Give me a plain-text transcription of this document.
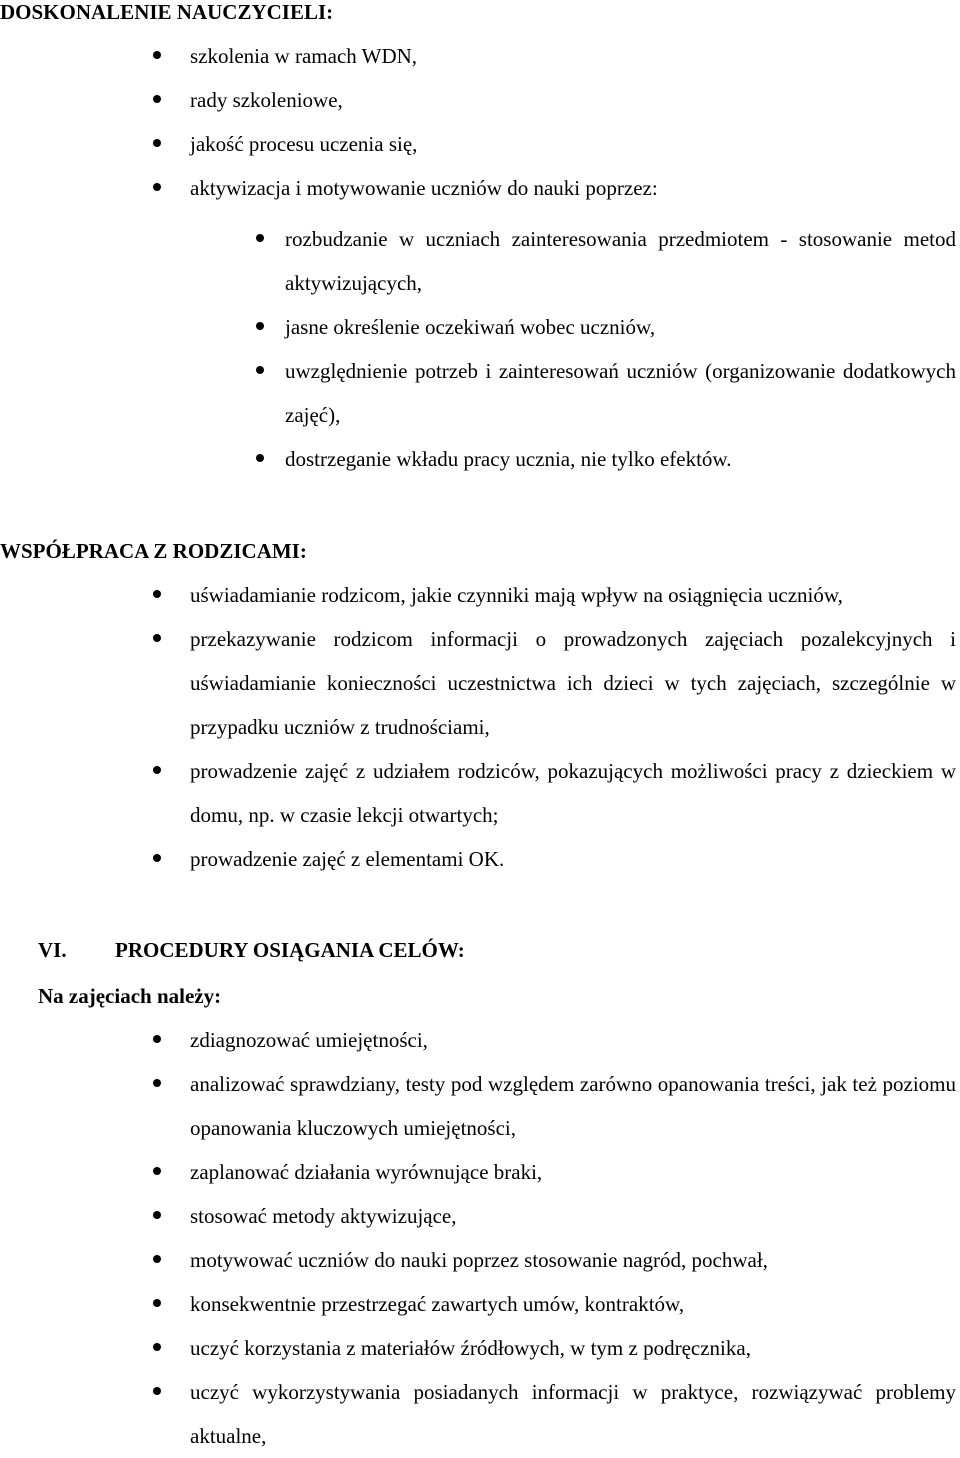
DOSKONALENIE NAUCZYCIELI:
szkolenia w ramach WDN,
rady szkoleniowe,
jakość procesu uczenia się,
aktywizacja i motywowanie uczniów do nauki poprzez:
rozbudzanie w uczniach zainteresowania przedmiotem - stosowanie metod aktywizujących,
jasne określenie oczekiwań wobec uczniów,
uwzględnienie potrzeb i zainteresowań uczniów (organizowanie dodatkowych zajęć),
dostrzeganie wkładu pracy ucznia, nie tylko efektów.
WSPÓŁPRACA Z RODZICAMI:
uświadamianie rodzicom, jakie czynniki mają wpływ na osiągnięcia uczniów,
przekazywanie rodzicom informacji o prowadzonych zajęciach pozalekcyjnych i uświadamianie konieczności uczestnictwa ich dzieci w tych zajęciach, szczególnie w przypadku uczniów z trudnościami,
prowadzenie zajęć z udziałem rodziców, pokazujących możliwości pracy z dzieckiem w domu, np. w czasie lekcji otwartych;
prowadzenie zajęć z elementami OK.
VI. PROCEDURY OSIĄGANIA CELÓW:
Na zajęciach należy:
zdiagnozować umiejętności,
analizować sprawdziany, testy pod względem zarówno opanowania treści, jak też poziomu opanowania kluczowych umiejętności,
zaplanować działania wyrównujące braki,
stosować metody aktywizujące,
motywować uczniów do nauki poprzez stosowanie nagród, pochwał,
konsekwentnie przestrzegać zawartych umów, kontraktów,
uczyć korzystania z materiałów źródłowych, w tym z podręcznika,
uczyć wykorzystywania posiadanych informacji w praktyce, rozwiązywać problemy aktualne,
